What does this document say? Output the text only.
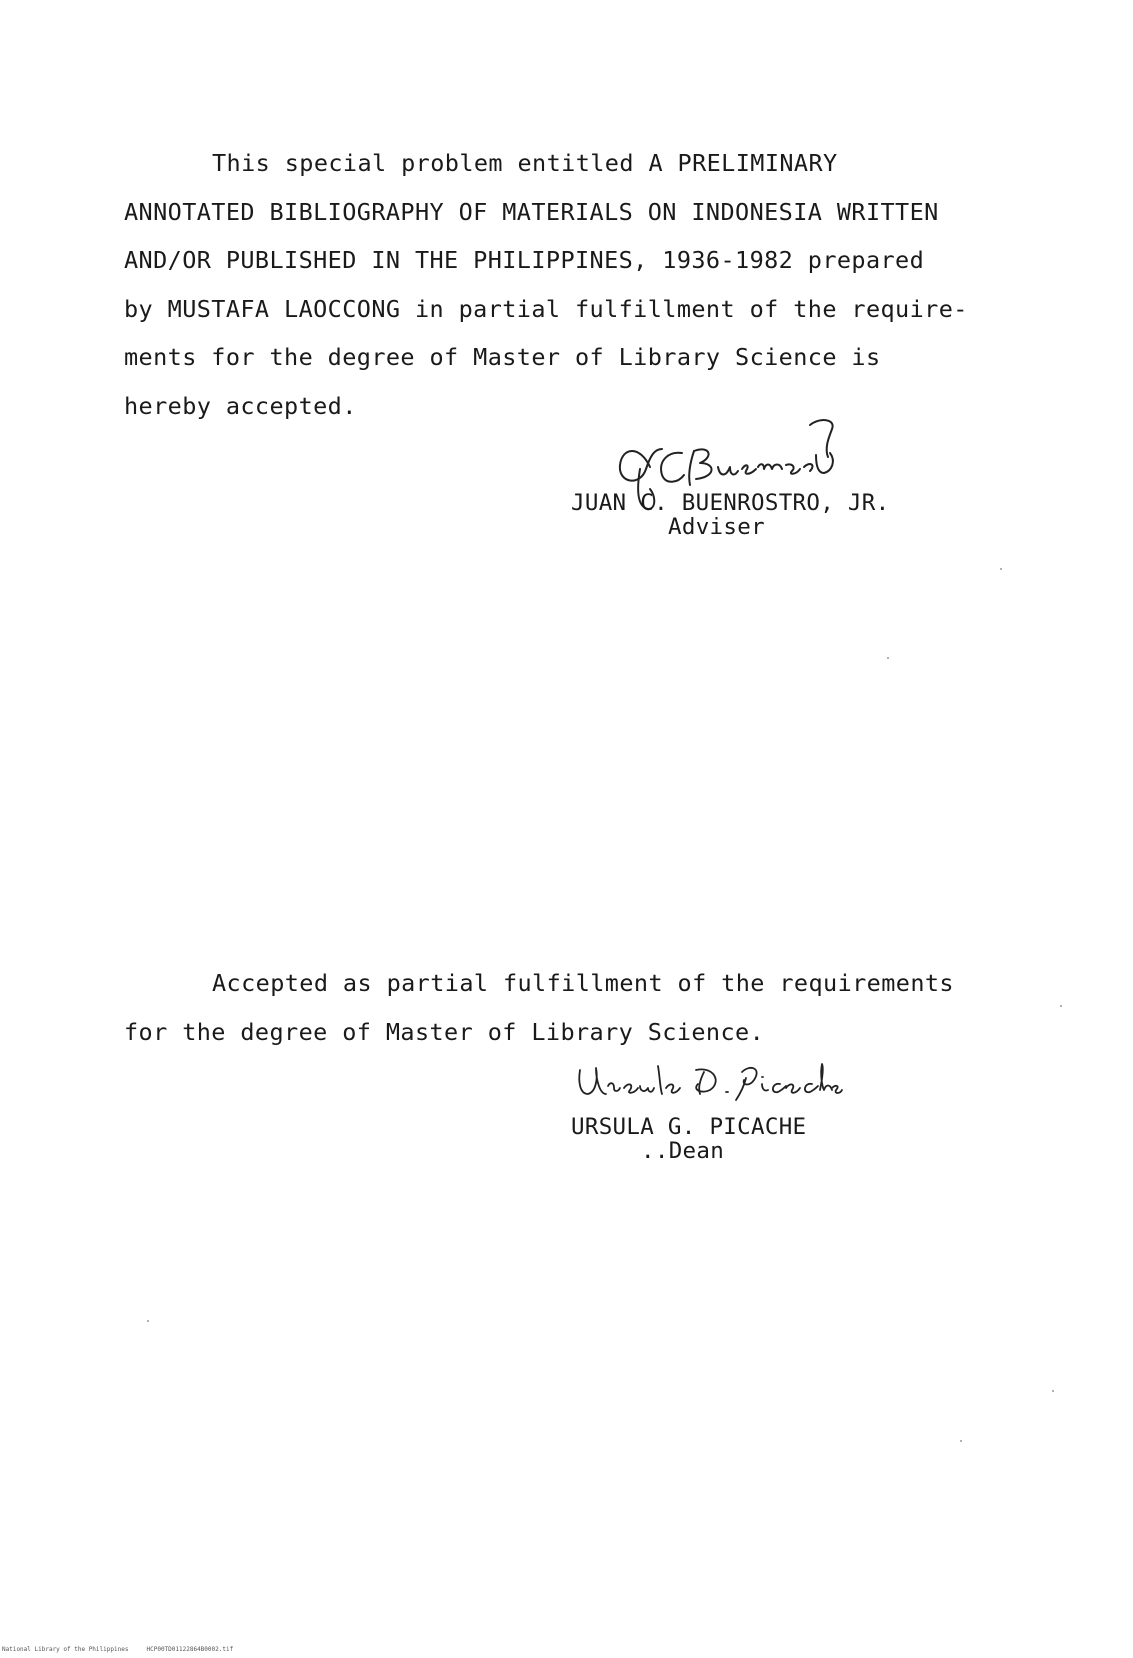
This special problem entitled A PRELIMINARY
ANNOTATED BIBLIOGRAPHY OF MATERIALS ON INDONESIA WRITTEN
AND/OR PUBLISHED IN THE PHILIPPINES, 1936-1982 prepared
by MUSTAFA LAOCCONG in partial fulfillment of the require-
ments for the degree of Master of Library Science is
hereby accepted.
JUAN C. BUENROSTRO, JR.
Adviser
Accepted as partial fulfillment of the requirements
for the degree of Master of Library Science.
URSULA G. PICACHE
..Dean
National Library of the Philippines     HCP00TD01122864B0002.tif
